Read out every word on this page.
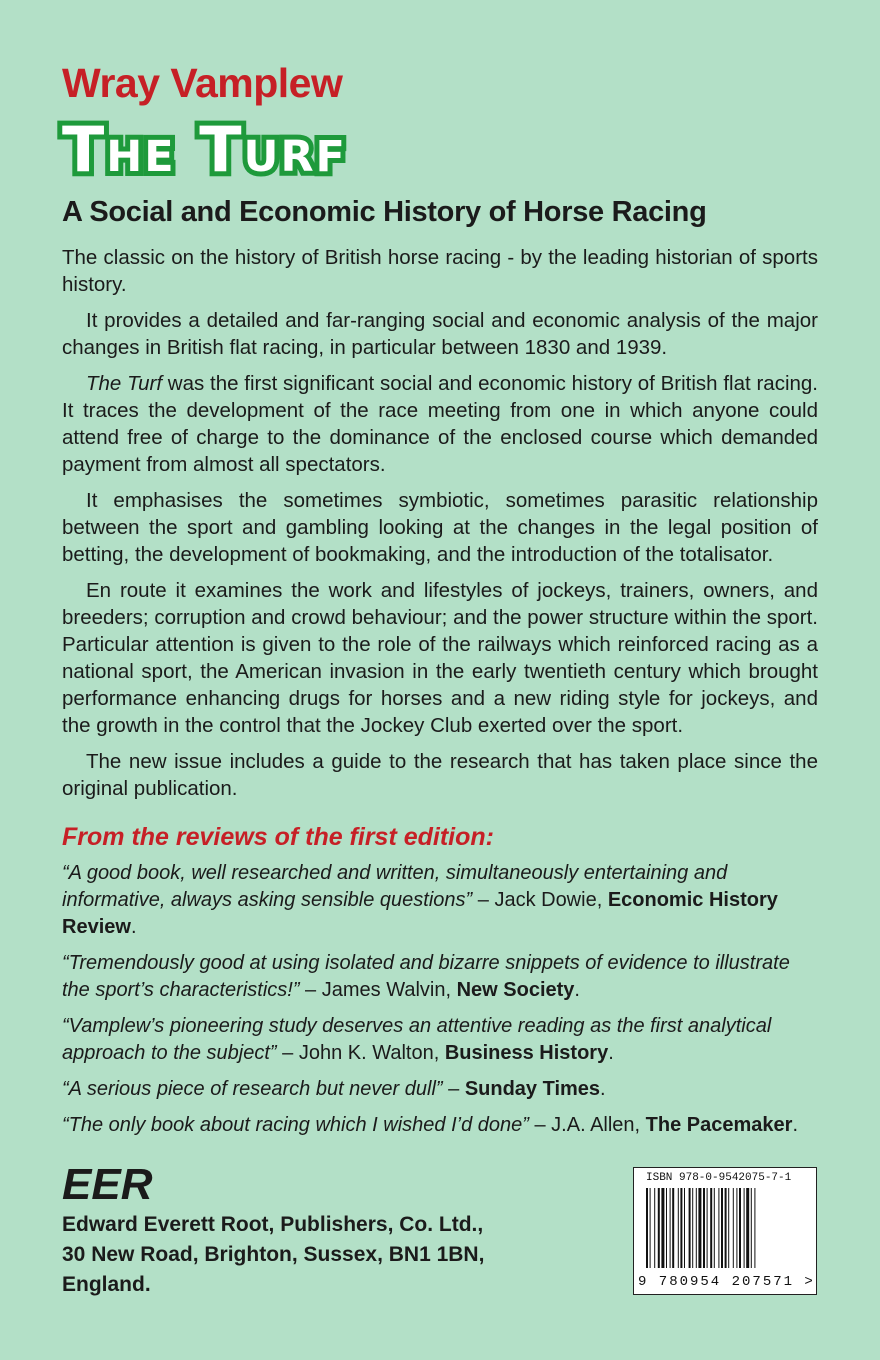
Wray Vamplew
The Turf
A Social and Economic History of Horse Racing

The classic on the history of British horse racing - by the leading historian of sports history.

It provides a detailed and far-ranging social and economic analysis of the major changes in British flat racing, in particular between 1830 and 1939.

The Turf was the first significant social and economic history of British flat racing. It traces the development of the race meeting from one in which anyone could attend free of charge to the dominance of the enclosed course which demanded payment from almost all spectators.

It emphasises the sometimes symbiotic, sometimes parasitic relationship between the sport and gambling looking at the changes in the legal position of betting, the development of bookmaking, and the introduction of the totalisator.

En route it examines the work and lifestyles of jockeys, trainers, owners, and breeders; corruption and crowd behaviour; and the power structure within the sport. Particular attention is given to the role of the railways which reinforced racing as a national sport, the American invasion in the early twentieth century which brought performance enhancing drugs for horses and a new riding style for jockeys, and the growth in the control that the Jockey Club exerted over the sport.

The new issue includes a guide to the research that has taken place since the original publication.

From the reviews of the first edition:

“A good book, well researched and written, simultaneously entertaining and informative, always asking sensible questions” – Jack Dowie, Economic History Review.

“Tremendously good at using isolated and bizarre snippets of evidence to illustrate the sport’s characteristics!” – James Walvin, New Society.

“Vamplew’s pioneering study deserves an attentive reading as the first analytical approach to the subject” – John K. Walton, Business History.

“A serious piece of research but never dull” – Sunday Times.

“The only book about racing which I wished I’d done” – J.A. Allen, The Pacemaker.

EER
Edward Everett Root, Publishers, Co. Ltd.,
30 New Road, Brighton, Sussex, BN1 1BN,
England.
ISBN 978-0-9542075-7-1
9 780954 207571 >
